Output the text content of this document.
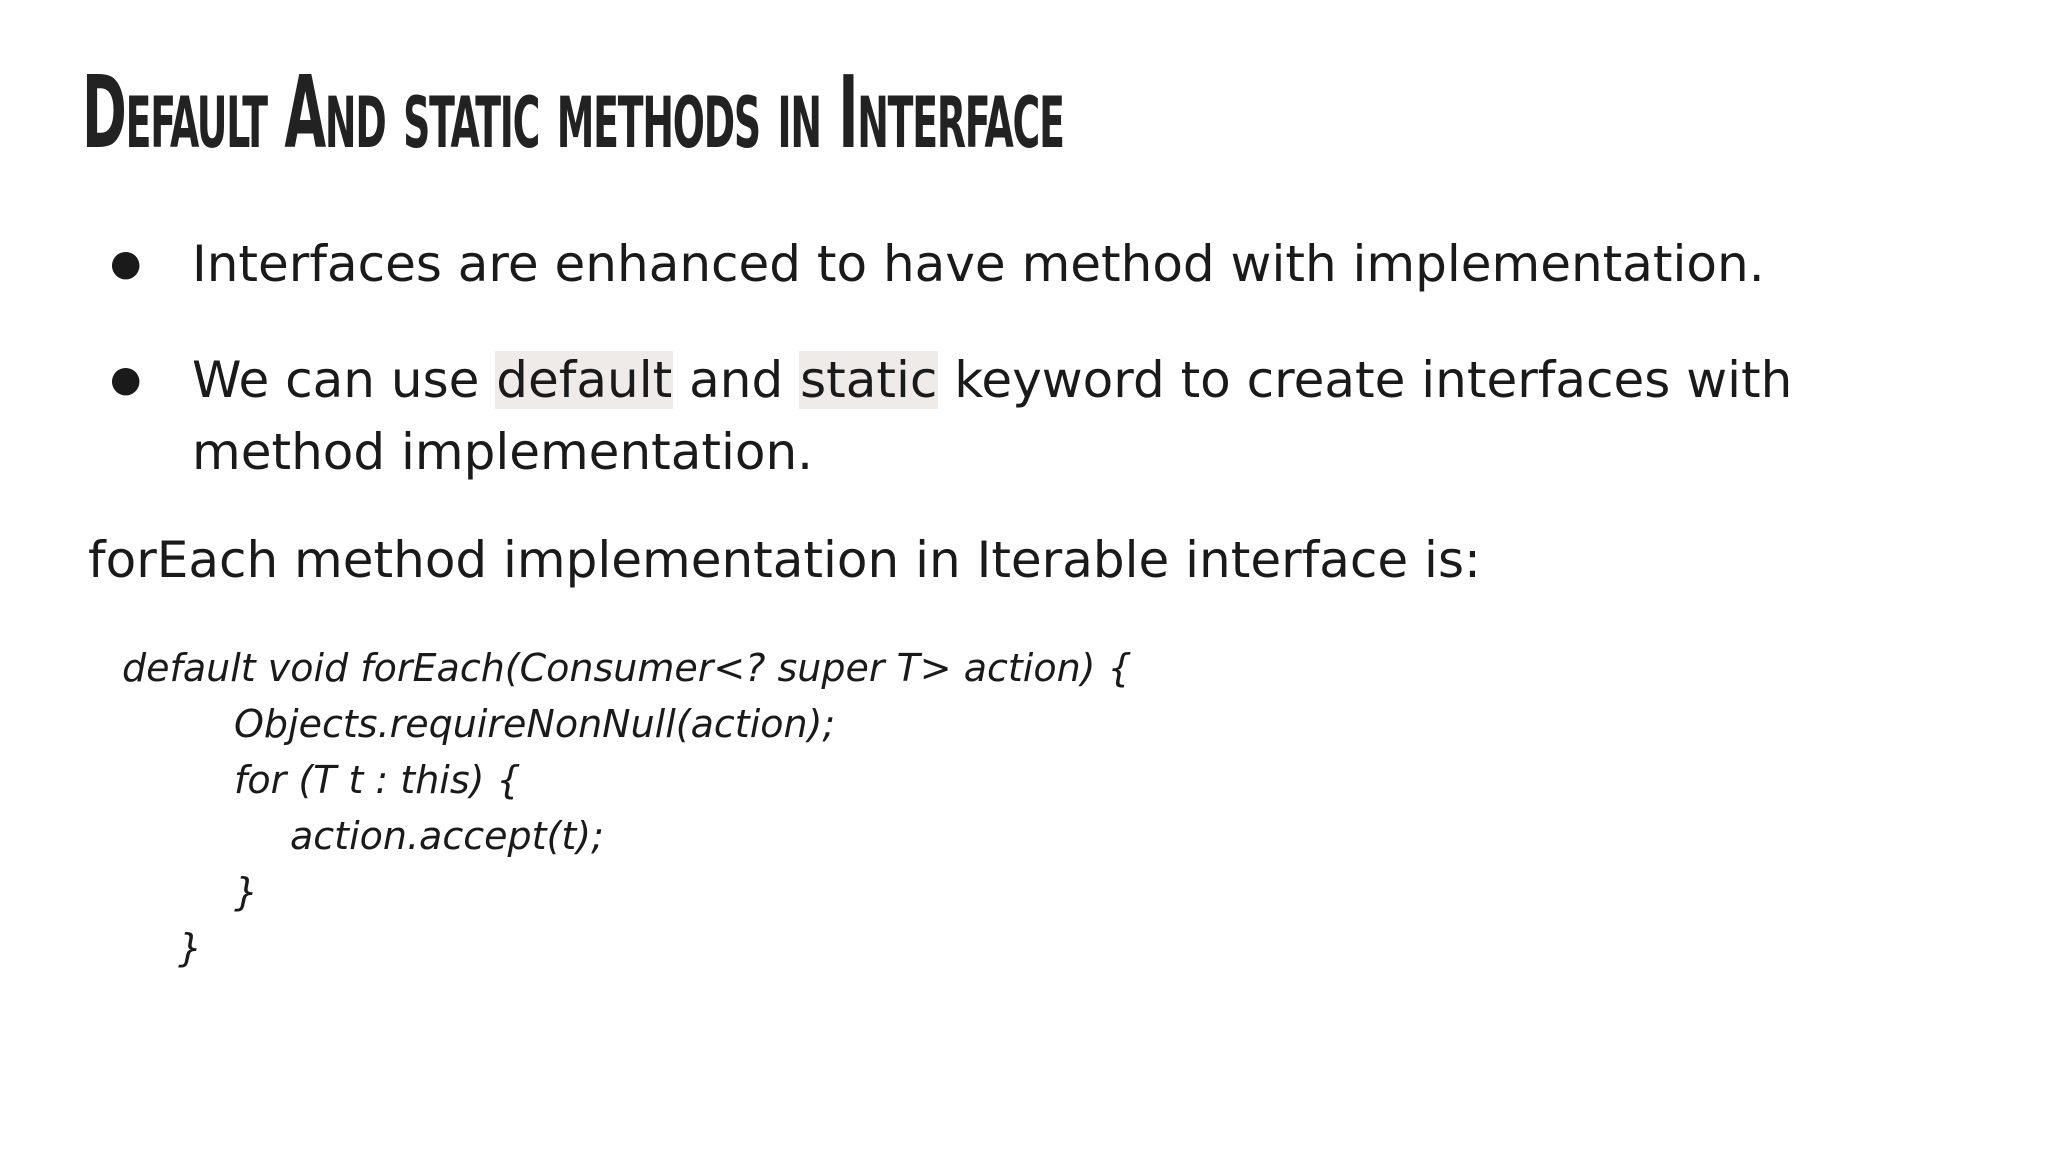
Default And static methods in Interface
● Interfaces are enhanced to have method with implementation.
● We can use default and static keyword to create interfaces with method implementation.

forEach method implementation in Iterable interface is:

default void forEach(Consumer<? super T> action) {
Objects.requireNonNull(action);
for (T t : this) {
action.accept(t);
}
}
